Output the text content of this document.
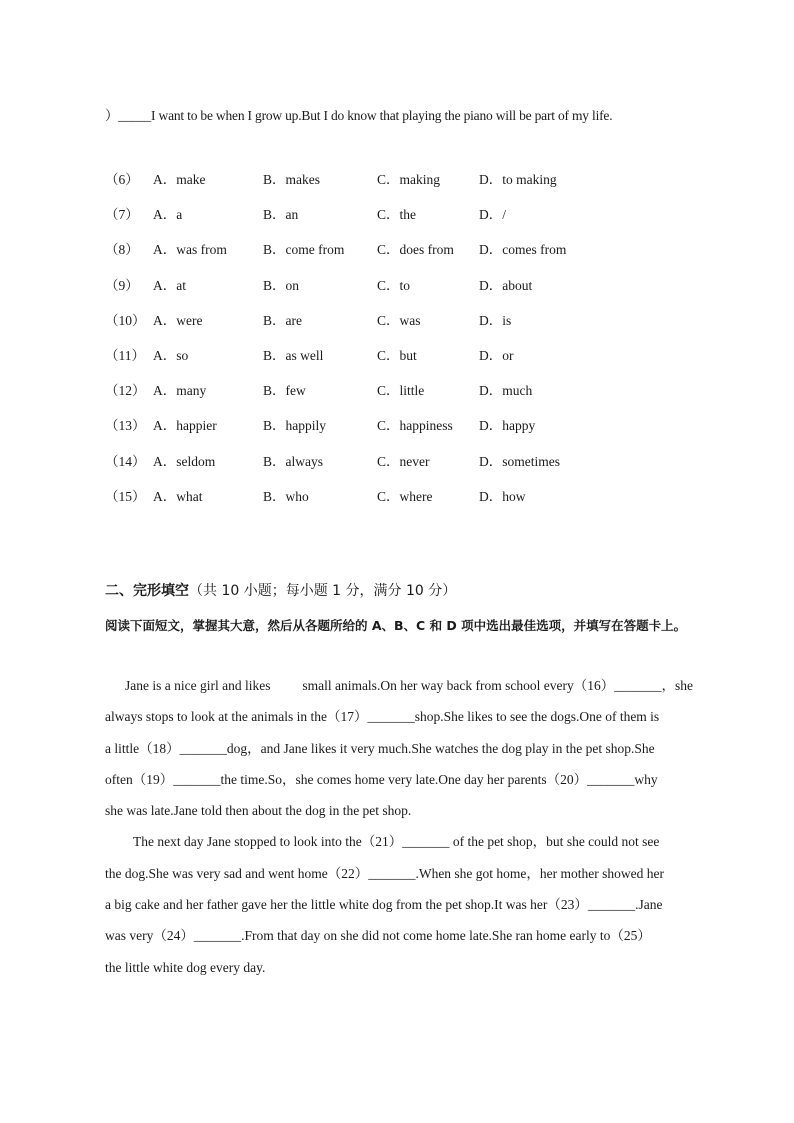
）_____I want to be when I grow up.But I do know that playing the piano will be part of my life.
（6） A．make	B．makes	C．making	D．to making
（7） A．a	B．an	C．the	D．/
（8） A．was from	B．come from C．does from D．comes from
（9） A．at	B．on	C．to	D．about
（10） A．were	B．are	C．was	D．is
（11） A．so	B．as well	C．but	D．or
（12） A．many	B．few	C．little	D．much
（13） A．happier	B．happily	C．happiness D．happy
（14） A．seldom	B．always	C．never	D．sometimes
（15） A．what	B．who	C．where	D．how
二、完形填空（共 10 小题；每小题 1 分，满分 10 分）
阅读下面短文，掌握其大意，然后从各题所给的 A、B、C 和 D 项中选出最佳选项，并填写在答题卡上。
Jane is a nice girl and likes small animals.On her way back from school every（16）_______，she
always stops to look at the animals in the（17）_______shop.She likes to see the dogs.One of them is
a little（18）_______dog，and Jane likes it very much.She watches the dog play in the pet shop.She
often（19）_______the time.So，she comes home very late.One day her parents（20）_______why
she was late.Jane told then about the dog in the pet shop.
The next day Jane stopped to look into the（21）_______ of the pet shop，but she could not see
the dog.She was very sad and went home（22）_______.When she got home，her mother showed her
a big cake and her father gave her the little white dog from the pet shop.It was her（23）_______.Jane
was very（24）_______.From that day on she did not come home late.She ran home early to（25）
the little white dog every day.
